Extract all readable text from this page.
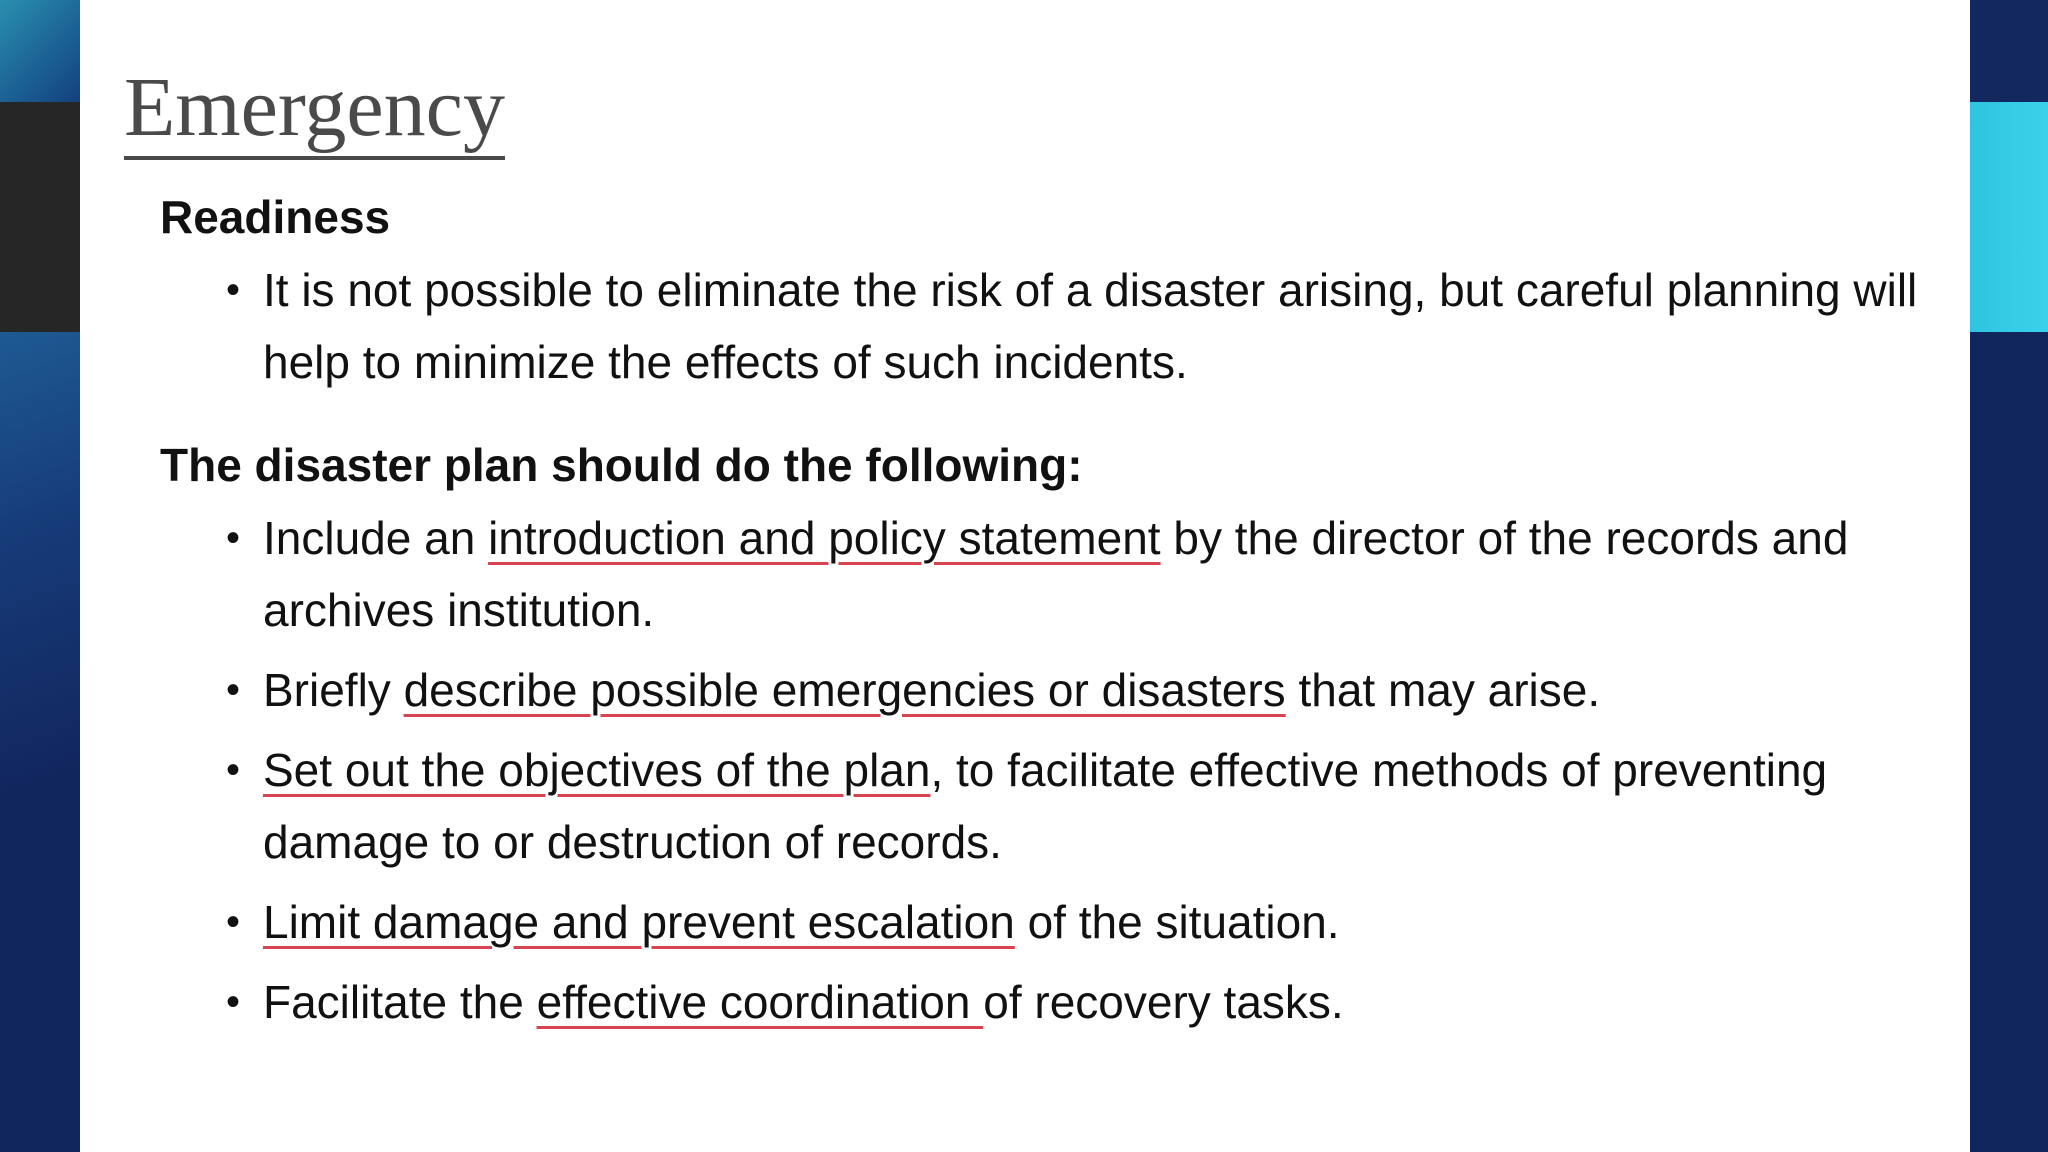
Emergency

Readiness

• It is not possible to eliminate the risk of a disaster arising, but careful planning will help to minimize the effects of such incidents.

The disaster plan should do the following:

• Include an introduction and policy statement by the director of the records and archives institution.
• Briefly describe possible emergencies or disasters that may arise.
• Set out the objectives of the plan, to facilitate effective methods of preventing damage to or destruction of records.
• Limit damage and prevent escalation of the situation.
• Facilitate the effective coordination of recovery tasks.
